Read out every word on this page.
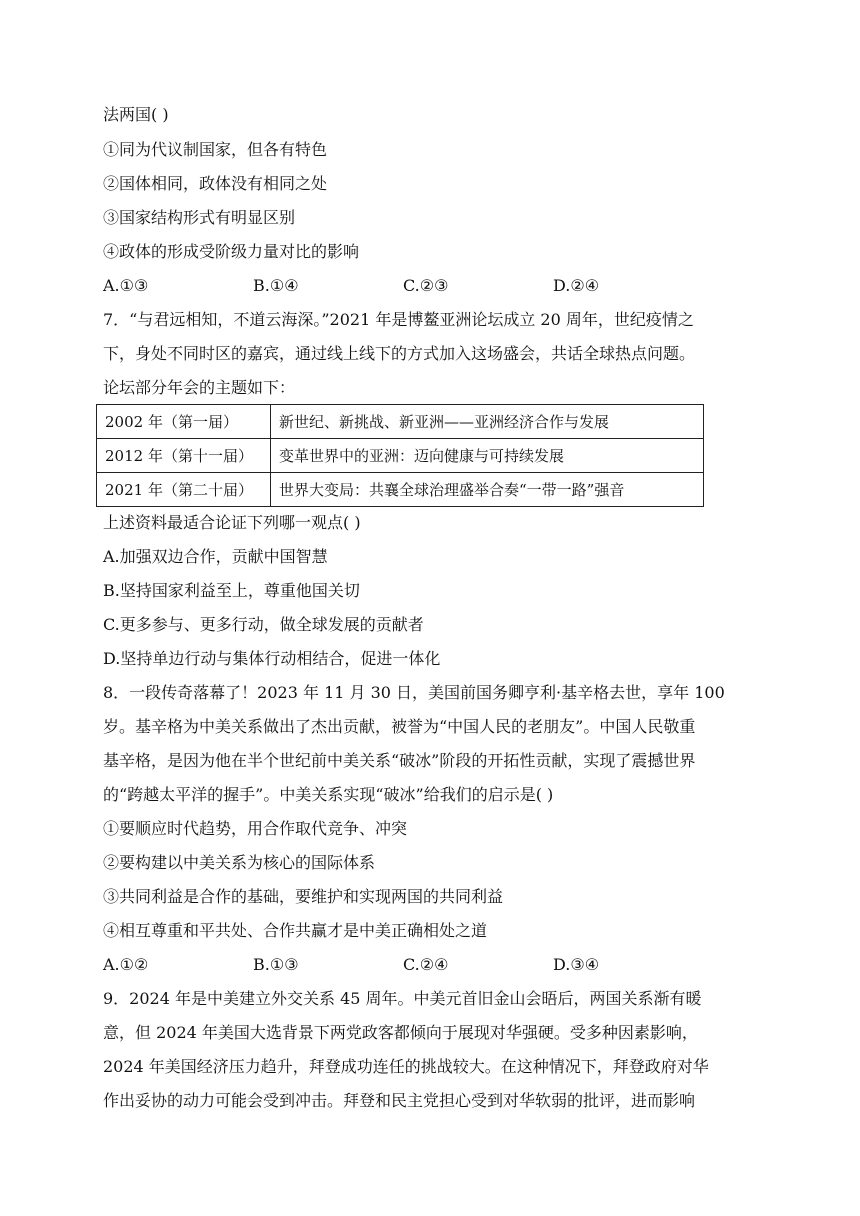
法两国( )
①同为代议制国家，但各有特色
②国体相同，政体没有相同之处
③国家结构形式有明显区别
④政体的形成受阶级力量对比的影响
A.①③	B.①④	C.②③	D.②④
7．“与君远相知，不道云海深。”2021 年是博鳌亚洲论坛成立 20 周年，世纪疫情之
下，身处不同时区的嘉宾，通过线上线下的方式加入这场盛会，共话全球热点问题。
论坛部分年会的主题如下：
2002 年（第一届）	新世纪、新挑战、新亚洲——亚洲经济合作与发展
2012 年（第十一届）	变革世界中的亚洲：迈向健康与可持续发展
2021 年（第二十届）	世界大变局：共襄全球治理盛举合奏“一带一路”强音
上述资料最适合论证下列哪一观点( )
A.加强双边合作，贡献中国智慧
B.坚持国家利益至上，尊重他国关切
C.更多参与、更多行动，做全球发展的贡献者
D.坚持单边行动与集体行动相结合，促进一体化
8．一段传奇落幕了！2023 年 11 月 30 日，美国前国务卿亨利·基辛格去世，享年 100
岁。基辛格为中美关系做出了杰出贡献，被誉为“中国人民的老朋友”。中国人民敬重
基辛格，是因为他在半个世纪前中美关系“破冰”阶段的开拓性贡献，实现了震撼世界
的“跨越太平洋的握手”。中美关系实现“破冰”给我们的启示是( )
①要顺应时代趋势，用合作取代竞争、冲突
②要构建以中美关系为核心的国际体系
③共同利益是合作的基础，要维护和实现两国的共同利益
④相互尊重和平共处、合作共赢才是中美正确相处之道
A.①②	B.①③	C.②④	D.③④
9．2024 年是中美建立外交关系 45 周年。中美元首旧金山会晤后，两国关系渐有暖
意，但 2024 年美国大选背景下两党政客都倾向于展现对华强硬。受多种因素影响，
2024 年美国经济压力趋升，拜登成功连任的挑战较大。在这种情况下，拜登政府对华
作出妥协的动力可能会受到冲击。拜登和民主党担心受到对华软弱的批评，进而影响
